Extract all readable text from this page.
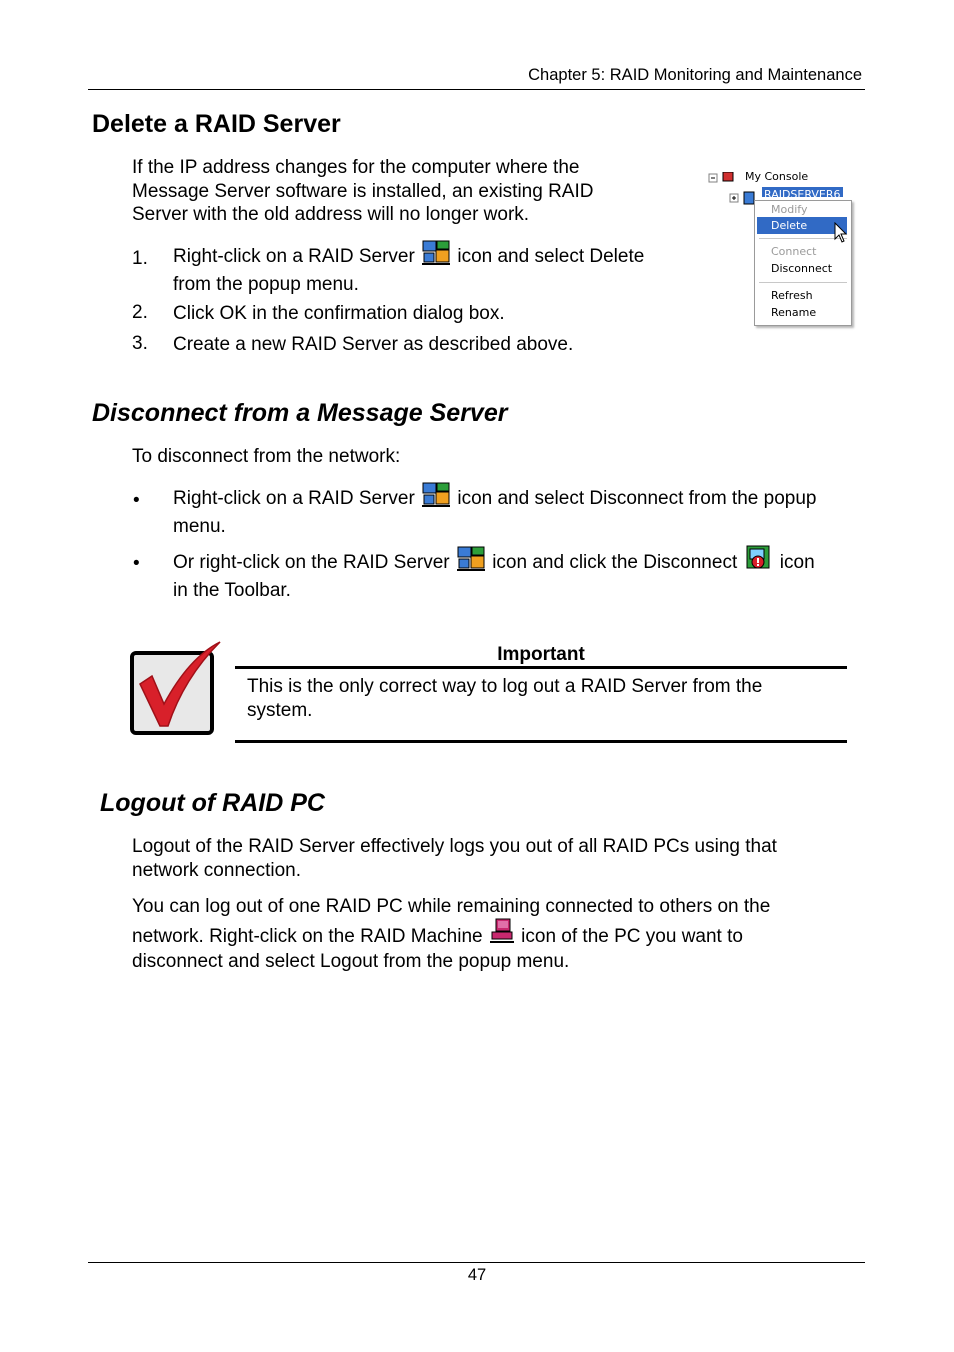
Chapter 5: RAID Monitoring and Maintenance
Delete a RAID Server
If the IP address changes for the computer where the Message Server software is installed, an existing RAID Server with the old address will no longer work.
1. Right-click on a RAID Server icon and select Delete
from the popup menu.
2. Click OK in the confirmation dialog box.
3. Create a new RAID Server as described above.
My Console
RAIDSERVER6
Modify
Delete
Connect
Disconnect
Refresh
Rename
Disconnect from a Message Server
To disconnect from the network:
• Right-click on a RAID Server icon and select Disconnect from the popup
menu.
• Or right-click on the RAID Server icon and click the Disconnect icon
in the Toolbar.
Important
This is the only correct way to log out a RAID Server from the
system.
Logout of RAID PC
Logout of the RAID Server effectively logs you out of all RAID PCs using that
network connection.
You can log out of one RAID PC while remaining connected to others on the
network. Right-click on the RAID Machine icon of the PC you want to
disconnect and select Logout from the popup menu.
47
